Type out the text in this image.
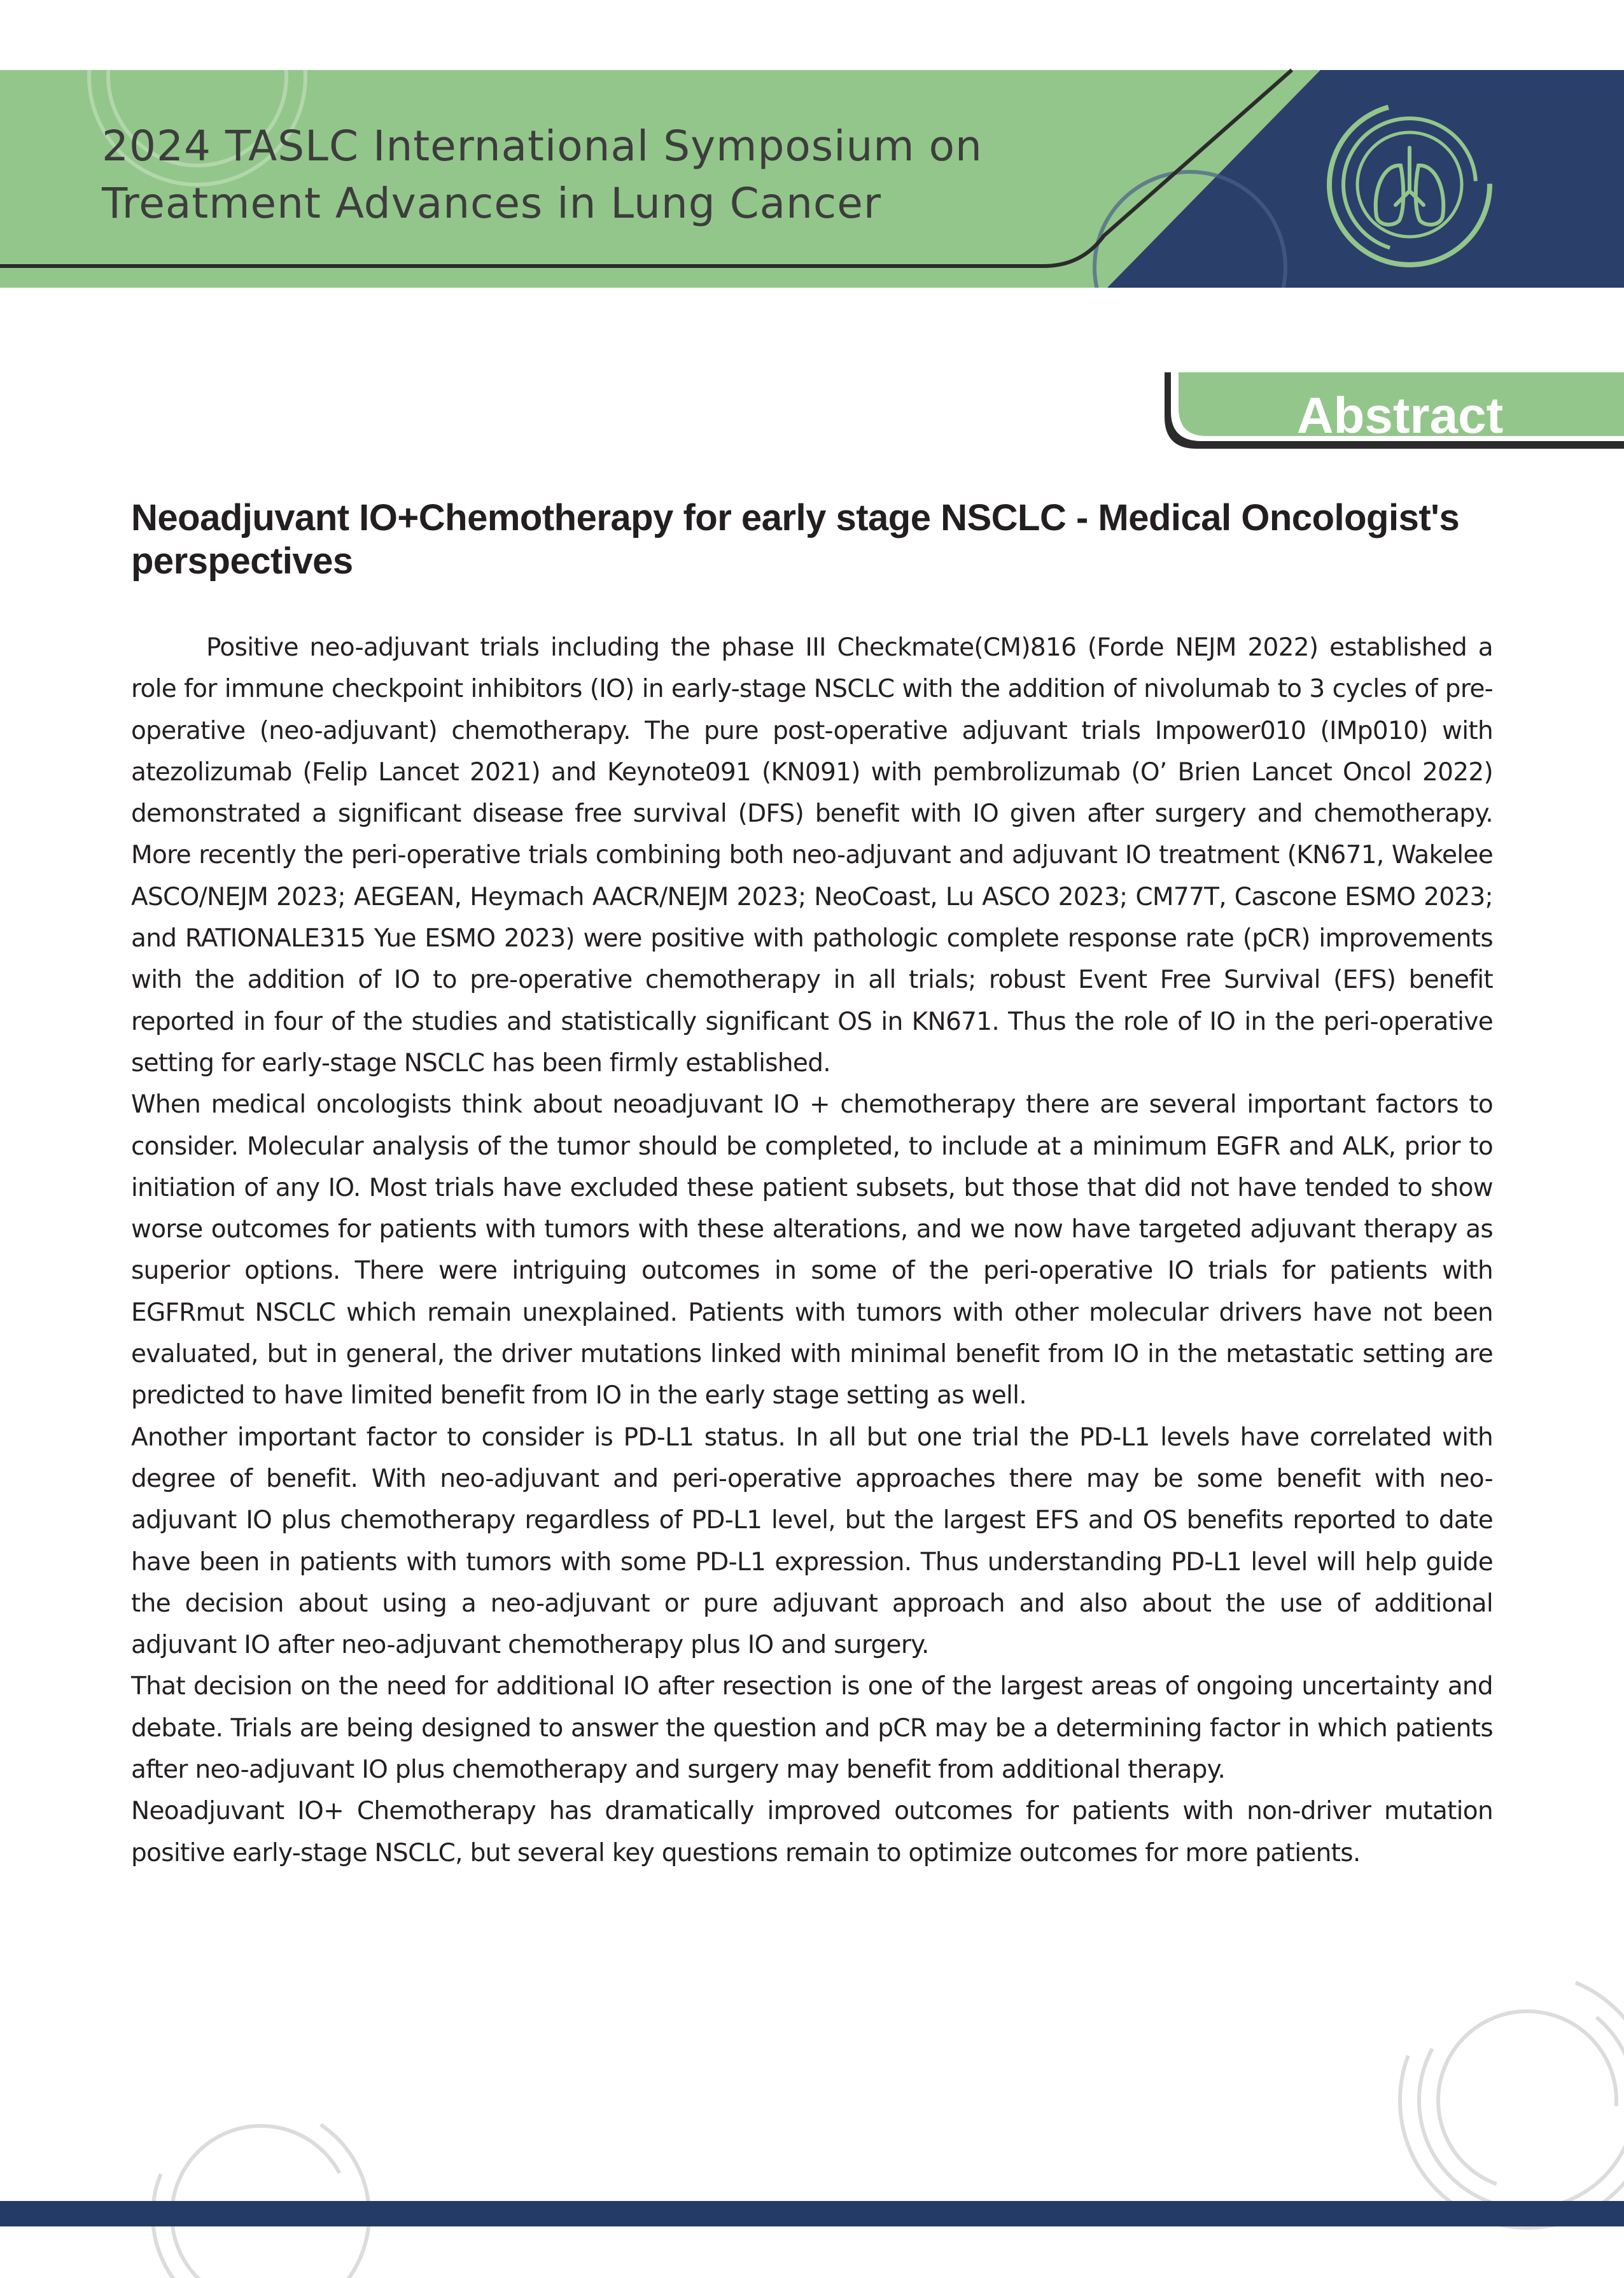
2024 TASLC International Symposium on
Treatment Advances in Lung Cancer
Abstract
Neoadjuvant IO+Chemotherapy for early stage NSCLC - Medical Oncologist's perspectives

Positive neo-adjuvant trials including the phase III Checkmate(CM)816 (Forde NEJM 2022) established a role for immune checkpoint inhibitors (IO) in early-stage NSCLC with the addition of nivolumab to 3 cycles of pre-operative (neo-adjuvant) chemotherapy. The pure post-operative adjuvant trials Impower010 (IMp010) with atezolizumab (Felip Lancet 2021) and Keynote091 (KN091) with pembrolizumab (O’ Brien Lancet Oncol 2022) demonstrated a significant disease free survival (DFS) benefit with IO given after surgery and chemotherapy. More recently the peri-operative trials combining both neo-adjuvant and adjuvant IO treatment (KN671, Wakelee ASCO/NEJM 2023; AEGEAN, Heymach AACR/NEJM 2023; NeoCoast, Lu ASCO 2023; CM77T, Cascone ESMO 2023; and RATIONALE315 Yue ESMO 2023) were positive with pathologic complete response rate (pCR) improvements with the addition of IO to pre-operative chemotherapy in all trials; robust Event Free Survival (EFS) benefit reported in four of the studies and statistically significant OS in KN671. Thus the role of IO in the peri-operative setting for early-stage NSCLC has been firmly established.

When medical oncologists think about neoadjuvant IO + chemotherapy there are several important factors to consider. Molecular analysis of the tumor should be completed, to include at a minimum EGFR and ALK, prior to initiation of any IO. Most trials have excluded these patient subsets, but those that did not have tended to show worse outcomes for patients with tumors with these alterations, and we now have targeted adjuvant therapy as superior options. There were intriguing outcomes in some of the peri-operative IO trials for patients with EGFRmut NSCLC which remain unexplained. Patients with tumors with other molecular drivers have not been evaluated, but in general, the driver mutations linked with minimal benefit from IO in the metastatic setting are predicted to have limited benefit from IO in the early stage setting as well.

Another important factor to consider is PD-L1 status. In all but one trial the PD-L1 levels have correlated with degree of benefit. With neo-adjuvant and peri-operative approaches there may be some benefit with neo-adjuvant IO plus chemotherapy regardless of PD-L1 level, but the largest EFS and OS benefits reported to date have been in patients with tumors with some PD-L1 expression. Thus understanding PD-L1 level will help guide the decision about using a neo-adjuvant or pure adjuvant approach and also about the use of additional adjuvant IO after neo-adjuvant chemotherapy plus IO and surgery.

That decision on the need for additional IO after resection is one of the largest areas of ongoing uncertainty and debate. Trials are being designed to answer the question and pCR may be a determining factor in which patients after neo-adjuvant IO plus chemotherapy and surgery may benefit from additional therapy.

Neoadjuvant IO+ Chemotherapy has dramatically improved outcomes for patients with non-driver mutation positive early-stage NSCLC, but several key questions remain to optimize outcomes for more patients.
